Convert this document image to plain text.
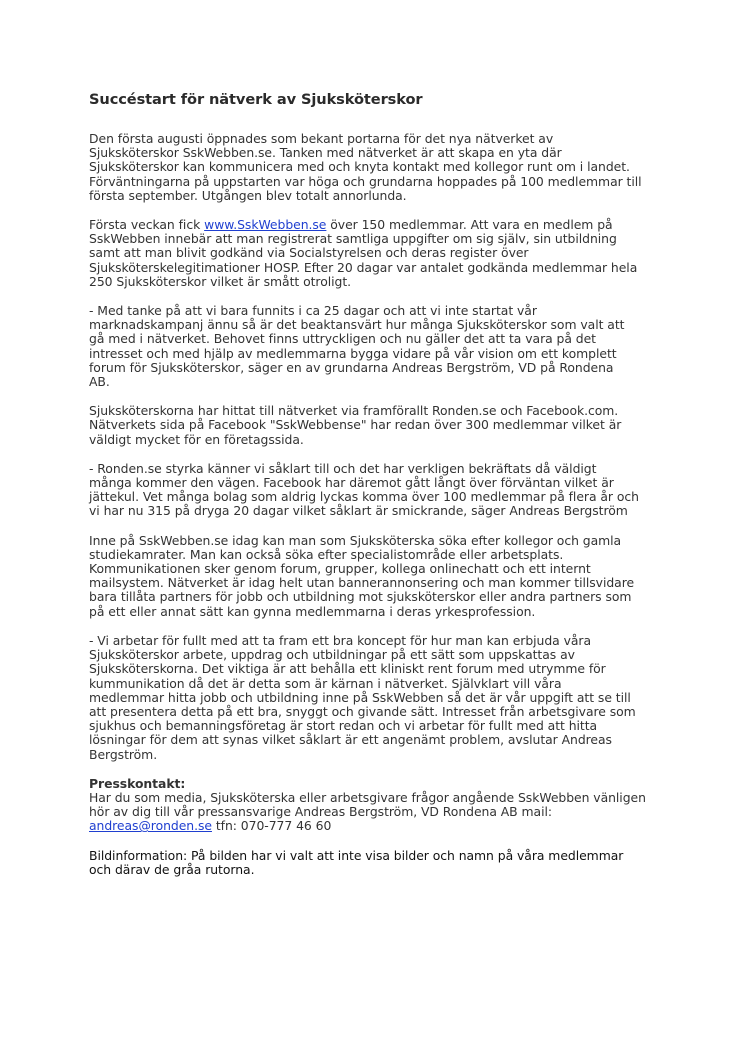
Succéstart för nätverk av Sjuksköterskor

Den första augusti öppnades som bekant portarna för det nya nätverket av
Sjuksköterskor SskWebben.se. Tanken med nätverket är att skapa en yta där
Sjuksköterskor kan kommunicera med och knyta kontakt med kollegor runt om i landet.
Förväntningarna på uppstarten var höga och grundarna hoppades på 100 medlemmar till
första september. Utgången blev totalt annorlunda.

Första veckan fick www.SskWebben.se över 150 medlemmar. Att vara en medlem på
SskWebben innebär att man registrerat samtliga uppgifter om sig själv, sin utbildning
samt att man blivit godkänd via Socialstyrelsen och deras register över
Sjuksköterskelegitimationer HOSP. Efter 20 dagar var antalet godkända medlemmar hela
250 Sjuksköterskor vilket är smått otroligt.

- Med tanke på att vi bara funnits i ca 25 dagar och att vi inte startat vår
marknadskampanj ännu så är det beaktansvärt hur många Sjuksköterskor som valt att
gå med i nätverket. Behovet finns uttryckligen och nu gäller det att ta vara på det
intresset och med hjälp av medlemmarna bygga vidare på vår vision om ett komplett
forum för Sjuksköterskor, säger en av grundarna Andreas Bergström, VD på Rondena
AB.

Sjuksköterskorna har hittat till nätverket via framförallt Ronden.se och Facebook.com.
Nätverkets sida på Facebook "SskWebbense" har redan över 300 medlemmar vilket är
väldigt mycket för en företagssida.

- Ronden.se styrka känner vi såklart till och det har verkligen bekräftats då väldigt
många kommer den vägen. Facebook har däremot gått långt över förväntan vilket är
jättekul. Vet många bolag som aldrig lyckas komma över 100 medlemmar på flera år och
vi har nu 315 på dryga 20 dagar vilket såklart är smickrande, säger Andreas Bergström

Inne på SskWebben.se idag kan man som Sjuksköterska söka efter kollegor och gamla
studiekamrater. Man kan också söka efter specialistområde eller arbetsplats.
Kommunikationen sker genom forum, grupper, kollega onlinechatt och ett internt
mailsystem. Nätverket är idag helt utan bannerannonsering och man kommer tillsvidare
bara tillåta partners för jobb och utbildning mot sjuksköterskor eller andra partners som
på ett eller annat sätt kan gynna medlemmarna i deras yrkesprofession.

- Vi arbetar för fullt med att ta fram ett bra koncept för hur man kan erbjuda våra
Sjuksköterskor arbete, uppdrag och utbildningar på ett sätt som uppskattas av
Sjuksköterskorna. Det viktiga är att behålla ett kliniskt rent forum med utrymme för
kummunikation då det är detta som är kärnan i nätverket. Självklart vill våra
medlemmar hitta jobb och utbildning inne på SskWebben så det är vår uppgift att se till
att presentera detta på ett bra, snyggt och givande sätt. Intresset från arbetsgivare som
sjukhus och bemanningsföretag är stort redan och vi arbetar för fullt med att hitta
lösningar för dem att synas vilket såklart är ett angenämt problem, avslutar Andreas
Bergström.

Presskontakt:
Har du som media, Sjuksköterska eller arbetsgivare frågor angående SskWebben vänligen
hör av dig till vår pressansvarige Andreas Bergström, VD Rondena AB mail:
andreas@ronden.se tfn: 070-777 46 60

Bildinformation: På bilden har vi valt att inte visa bilder och namn på våra medlemmar
och därav de gråa rutorna.
